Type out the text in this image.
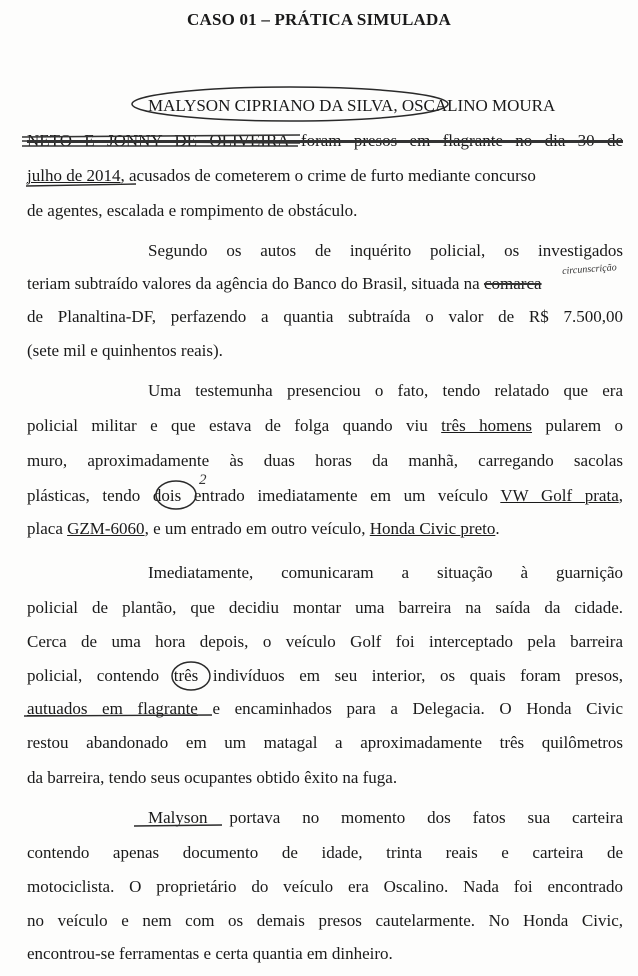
CASO 01 – PRÁTICA SIMULADA
MALYSON CIPRIANO DA SILVA, OSCALINO MOURA
NETO E JONNY DE OLIVEIRA foram presos em flagrante no dia 30 de
julho de 2014, acusados de cometerem o crime de furto mediante concurso
de agentes, escalada e rompimento de obstáculo.
Segundo os autos de inquérito policial, os investigados
teriam subtraído valores da agência do Banco do Brasil, situada na comarca
de Planaltina-DF, perfazendo a quantia subtraída o valor de R$ 7.500,00
(sete mil e quinhentos reais).
Uma testemunha presenciou o fato, tendo relatado que era
policial militar e que estava de folga quando viu três homens pularem o
muro, aproximadamente às duas horas da manhã, carregando sacolas
plásticas, tendo dois entrado imediatamente em um veículo VW Golf prata,
placa GZM-6060, e um entrado em outro veículo, Honda Civic preto.
Imediatamente, comunicaram a situação à guarnição
policial de plantão, que decidiu montar uma barreira na saída da cidade.
Cerca de uma hora depois, o veículo Golf foi interceptado pela barreira
policial, contendo três indivíduos em seu interior, os quais foram presos,
autuados em flagrante e encaminhados para a Delegacia. O Honda Civic
restou abandonado em um matagal a aproximadamente três quilômetros
da barreira, tendo seus ocupantes obtido êxito na fuga.
Malyson portava no momento dos fatos sua carteira
contendo apenas documento de idade, trinta reais e carteira de
motociclista. O proprietário do veículo era Oscalino. Nada foi encontrado
no veículo e nem com os demais presos cautelarmente. No Honda Civic,
encontrou-se ferramentas e certa quantia em dinheiro.
circunscrição
2
